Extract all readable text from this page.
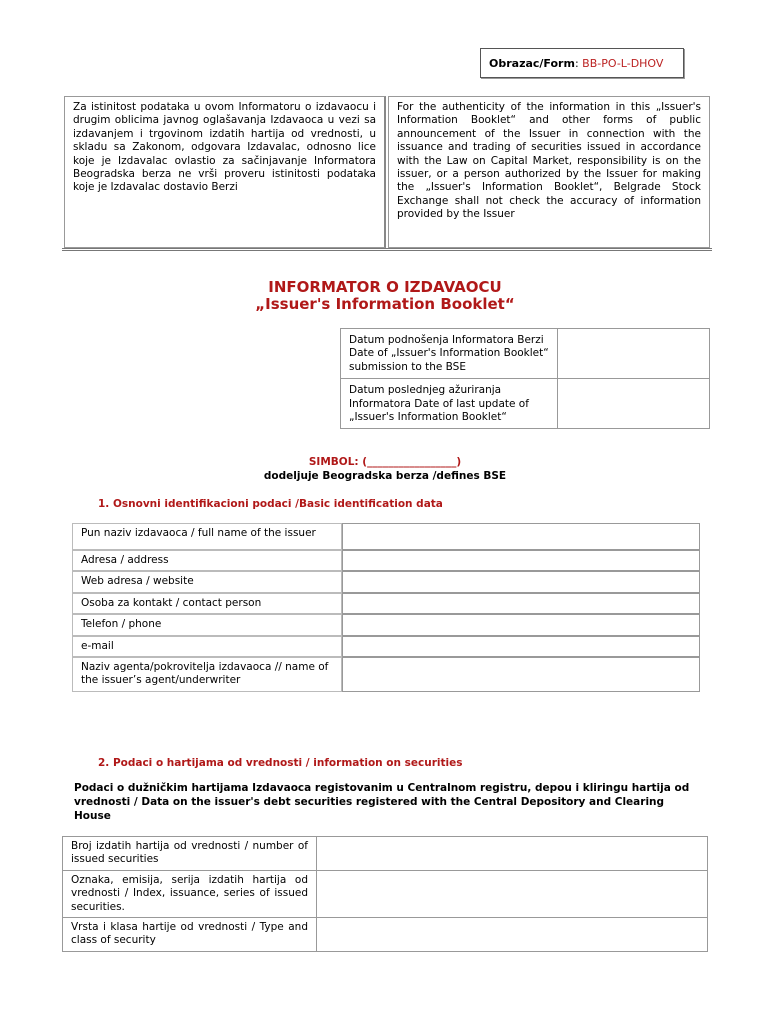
Obrazac/Form: BB-PO-L-DHOV
Za istinitost podataka u ovom Informatoru o izdavaocu i drugim oblicima javnog oglašavanja Izdavaoca u vezi sa izdavanjem i trgovinom izdatih hartija od vrednosti, u skladu sa Zakonom, odgovara Izdavalac, odnosno lice koje je Izdavalac ovlastio za sačinjavanje Informatora Beogradska berza ne vrši proveru istinitosti podataka koje je Izdavalac dostavio Berzi
For the authenticity of the information in this „Issuer's Information Booklet“ and other forms of public announcement of the Issuer in connection with the issuance and trading of securities issued in accordance with the Law on Capital Market, responsibility is on the issuer, or a person authorized by the Issuer for making the „Issuer's Information Booklet“, Belgrade Stock Exchange shall not check the accuracy of information provided by the Issuer
INFORMATOR O IZDAVAOCU
„Issuer's Information Booklet“
Datum podnošenja Informatora Berzi Date of „Issuer's Information Booklet“ submission to the BSE	
Datum poslednjeg ažuriranja Informatora Date of last update of „Issuer's Information Booklet“	
SIMBOL: (_________________)
dodeljuje Beogradska berza /defines BSE
1. Osnovni identifikacioni podaci /Basic identification data
Pun naziv izdavaoca / full name of the issuer	
Adresa / address	
Web adresa / website	
Osoba za kontakt / contact person	
Telefon / phone	
e-mail	
Naziv agenta/pokrovitelja izdavaoca // name of the issuer’s agent/underwriter	
2. Podaci o hartijama od vrednosti / information on securities
Podaci o dužničkim hartijama Izdavaoca registovanim u Centralnom registru, depou i kliringu hartija od vrednosti / Data on the issuer's debt securities registered with the Central Depository and Clearing House
Broj izdatih hartija od vrednosti / number of issued securities	
Oznaka, emisija, serija izdatih hartija od vrednosti / Index, issuance, series of issued securities.	
Vrsta i klasa hartije od vrednosti / Type and class of security	
